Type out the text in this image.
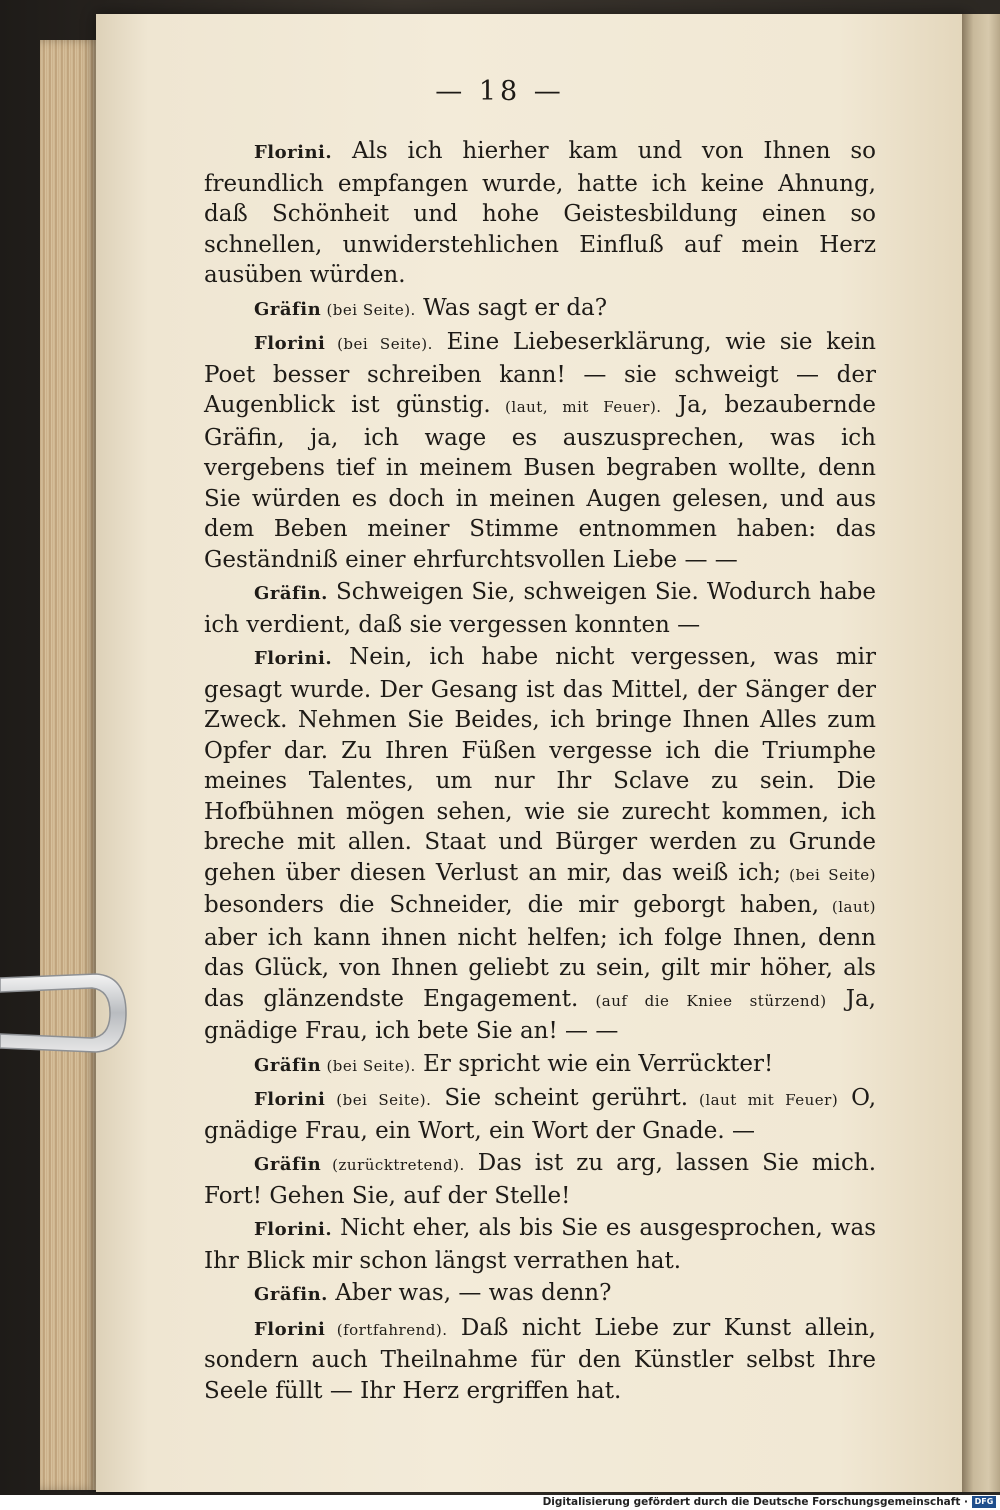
— 18 —

Florini. Als ich hierher kam und von Ihnen so freundlich empfangen wurde, hatte ich keine Ahnung, daß Schönheit und hohe Geistesbildung einen so schnellen, unwiderstehlichen Einfluß auf mein Herz ausüben würden.

Gräfin (bei Seite). Was sagt er da?

Florini (bei Seite). Eine Liebeserklärung, wie sie kein Poet besser schreiben kann! — sie schweigt — der Augenblick ist günstig. (laut, mit Feuer). Ja, bezaubernde Gräfin, ja, ich wage es auszusprechen, was ich vergebens tief in meinem Busen begraben wollte, denn Sie würden es doch in meinen Augen gelesen, und aus dem Beben meiner Stimme entnommen haben: das Geständniß einer ehrfurchtsvollen Liebe — —

Gräfin. Schweigen Sie, schweigen Sie. Wodurch habe ich verdient, daß sie vergessen konnten —

Florini. Nein, ich habe nicht vergessen, was mir gesagt wurde. Der Gesang ist das Mittel, der Sänger der Zweck. Nehmen Sie Beides, ich bringe Ihnen Alles zum Opfer dar. Zu Ihren Füßen vergesse ich die Triumphe meines Talentes, um nur Ihr Sclave zu sein. Die Hofbühnen mögen sehen, wie sie zurecht kommen, ich breche mit allen. Staat und Bürger werden zu Grunde gehen über diesen Verlust an mir, das weiß ich; (bei Seite) besonders die Schneider, die mir geborgt haben, (laut) aber ich kann ihnen nicht helfen; ich folge Ihnen, denn das Glück, von Ihnen geliebt zu sein, gilt mir höher, als das glänzendste Engagement. (auf die Kniee stürzend) Ja, gnädige Frau, ich bete Sie an! — —

Gräfin (bei Seite). Er spricht wie ein Verrückter!

Florini (bei Seite). Sie scheint gerührt. (laut mit Feuer) O, gnädige Frau, ein Wort, ein Wort der Gnade. —

Gräfin (zurücktretend). Das ist zu arg, lassen Sie mich. Fort! Gehen Sie, auf der Stelle!

Florini. Nicht eher, als bis Sie es ausgesprochen, was Ihr Blick mir schon längst verrathen hat.

Gräfin. Aber was, — was denn?

Florini (fortfahrend). Daß nicht Liebe zur Kunst allein, sondern auch Theilnahme für den Künstler selbst Ihre Seele füllt — Ihr Herz ergriffen hat.

Digitalisierung gefördert durch die Deutsche Forschungsgemeinschaft · DFG
